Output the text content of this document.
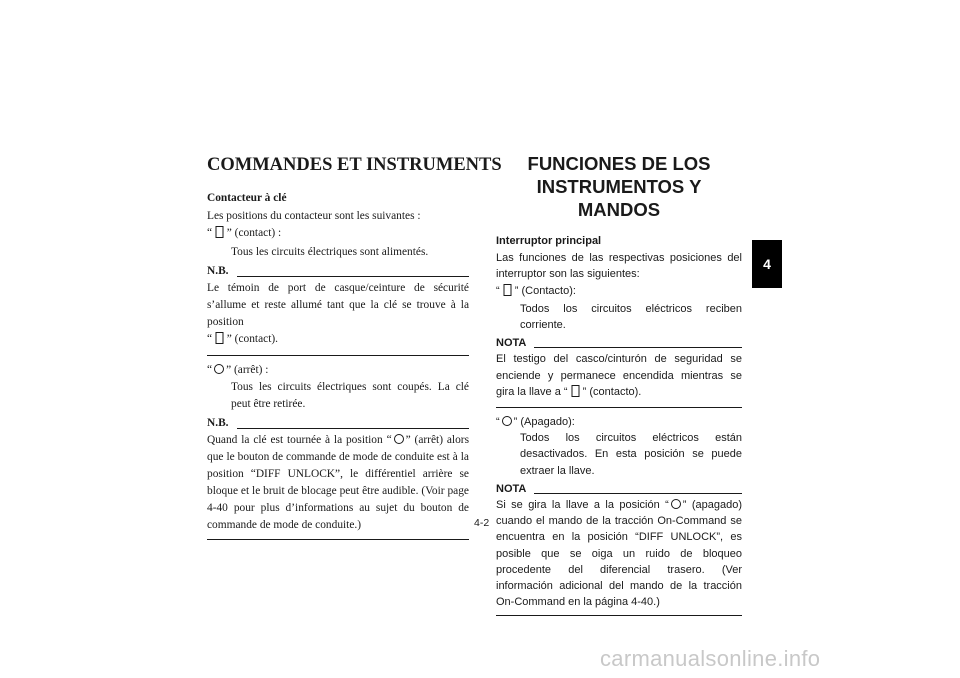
COMMANDES ET INSTRUMENTS
Contacteur à clé

Les positions du contacteur sont les suivantes :

“ ” (contact) :

Tous les circuits électriques sont alimentés.

N.B.

Le témoin de port de casque/ceinture de sécurité s’allume et reste allumé tant que la clé se trouve à la position
“ ” (contact).

“ ” (arrêt) :

Tous les circuits électriques sont coupés. La clé peut être retirée.

N.B.

Quand la clé est tournée à la position “ ” (arrêt) alors que le bouton de commande de mode de conduite est à la position “DIFF UNLOCK”, le différentiel arrière se bloque et le bruit de blocage peut être audible. (Voir page 4-40 pour plus d’informations au sujet du bouton de commande de mode de conduite.)

FUNCIONES DE LOS INSTRUMENTOS Y MANDOS
Interruptor principal

Las funciones de las respectivas posiciones del interruptor son las siguientes:

“ ” (Contacto):

Todos los circuitos eléctricos reciben corriente.

NOTA

El testigo del casco/cinturón de seguridad se enciende y permanece encendida mientras se gira la llave a “ ” (contacto).

“ ” (Apagado):

Todos los circuitos eléctricos están desactivados. En esta posición se puede extraer la llave.

NOTA

Si se gira la llave a la posición “ ” (apagado) cuando el mando de la tracción On-Command se encuentra en la posición “DIFF UNLOCK”, es posible que se oiga un ruido de bloqueo procedente del diferencial trasero. (Ver información adicional del mando de la tracción On-Command en la página 4-40.)

4
4-2
carmanualsonline.info
